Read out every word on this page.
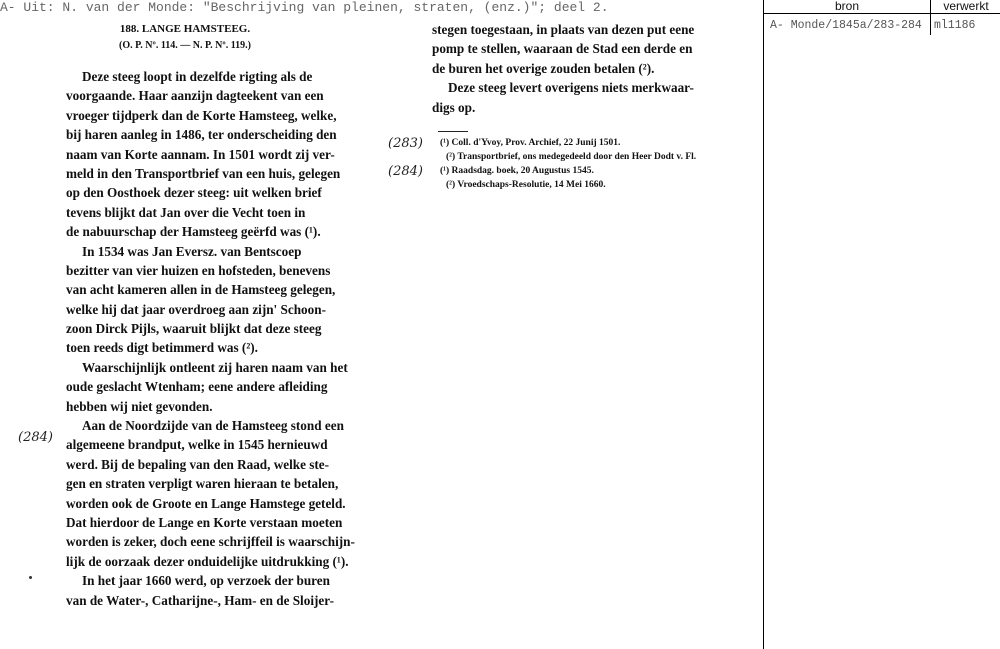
A- Uit: N. van der Monde: "Beschrijving van pleinen, straten, (enz.)"; deel 2.
188. LANGE HAMSTEEG.
(O. P. Nº. 114. — N. P. Nº. 119.)
Deze steeg loopt in dezelfde rigting als de
voorgaande. Haar aanzijn dagteekent van een
vroeger tijdperk dan de Korte Hamsteeg, welke,
bij haren aanleg in 1486, ter onderscheiding den
naam van Korte aannam. In 1501 wordt zij ver-
meld in den Transportbrief van een huis, gelegen
op den Oosthoek dezer steeg: uit welken brief
tevens blijkt dat Jan over die Vecht toen in
de nabuurschap der Hamsteeg geërfd was (¹).
In 1534 was Jan Eversz. van Bentscoep
bezitter van vier huizen en hofsteden, benevens
van acht kameren allen in de Hamsteeg gelegen,
welke hij dat jaar overdroeg aan zijn' Schoon-
zoon Dirck Pijls, waaruit blijkt dat deze steeg
toen reeds digt betimmerd was (²).
Waarschijnlijk ontleent zij haren naam van het
oude geslacht Wtenham; eene andere afleiding
hebben wij niet gevonden.
Aan de Noordzijde van de Hamsteeg stond een
algemeene brandput, welke in 1545 hernieuwd
werd. Bij de bepaling van den Raad, welke ste-
gen en straten verpligt waren hieraan te betalen,
worden ook de Groote en Lange Hamstege geteld.
Dat hierdoor de Lange en Korte verstaan moeten
worden is zeker, doch eene schrijffeil is waarschijn-
lijk de oorzaak dezer onduidelijke uitdrukking (¹).
In het jaar 1660 werd, op verzoek der buren
van de Water-, Catharijne-, Ham- en de Sloijer-
stegen toegestaan, in plaats van dezen put eene
pomp te stellen, waaraan de Stad een derde en
de buren het overige zouden betalen (²).
Deze steeg levert overigens niets merkwaar-
digs op.
(¹) Coll. d'Yvoy, Prov. Archief, 22 Junij 1501.
(²) Transportbrief, ons medegedeeld door den Heer Dodt v. Fl.
(¹) Raadsdag. boek, 20 Augustus 1545.
(²) Vroedschaps-Resolutie, 14 Mei 1660.
(283)
(284)
(284)
bron	verwerkt
A- Monde/1845a/283-284 ml1186
